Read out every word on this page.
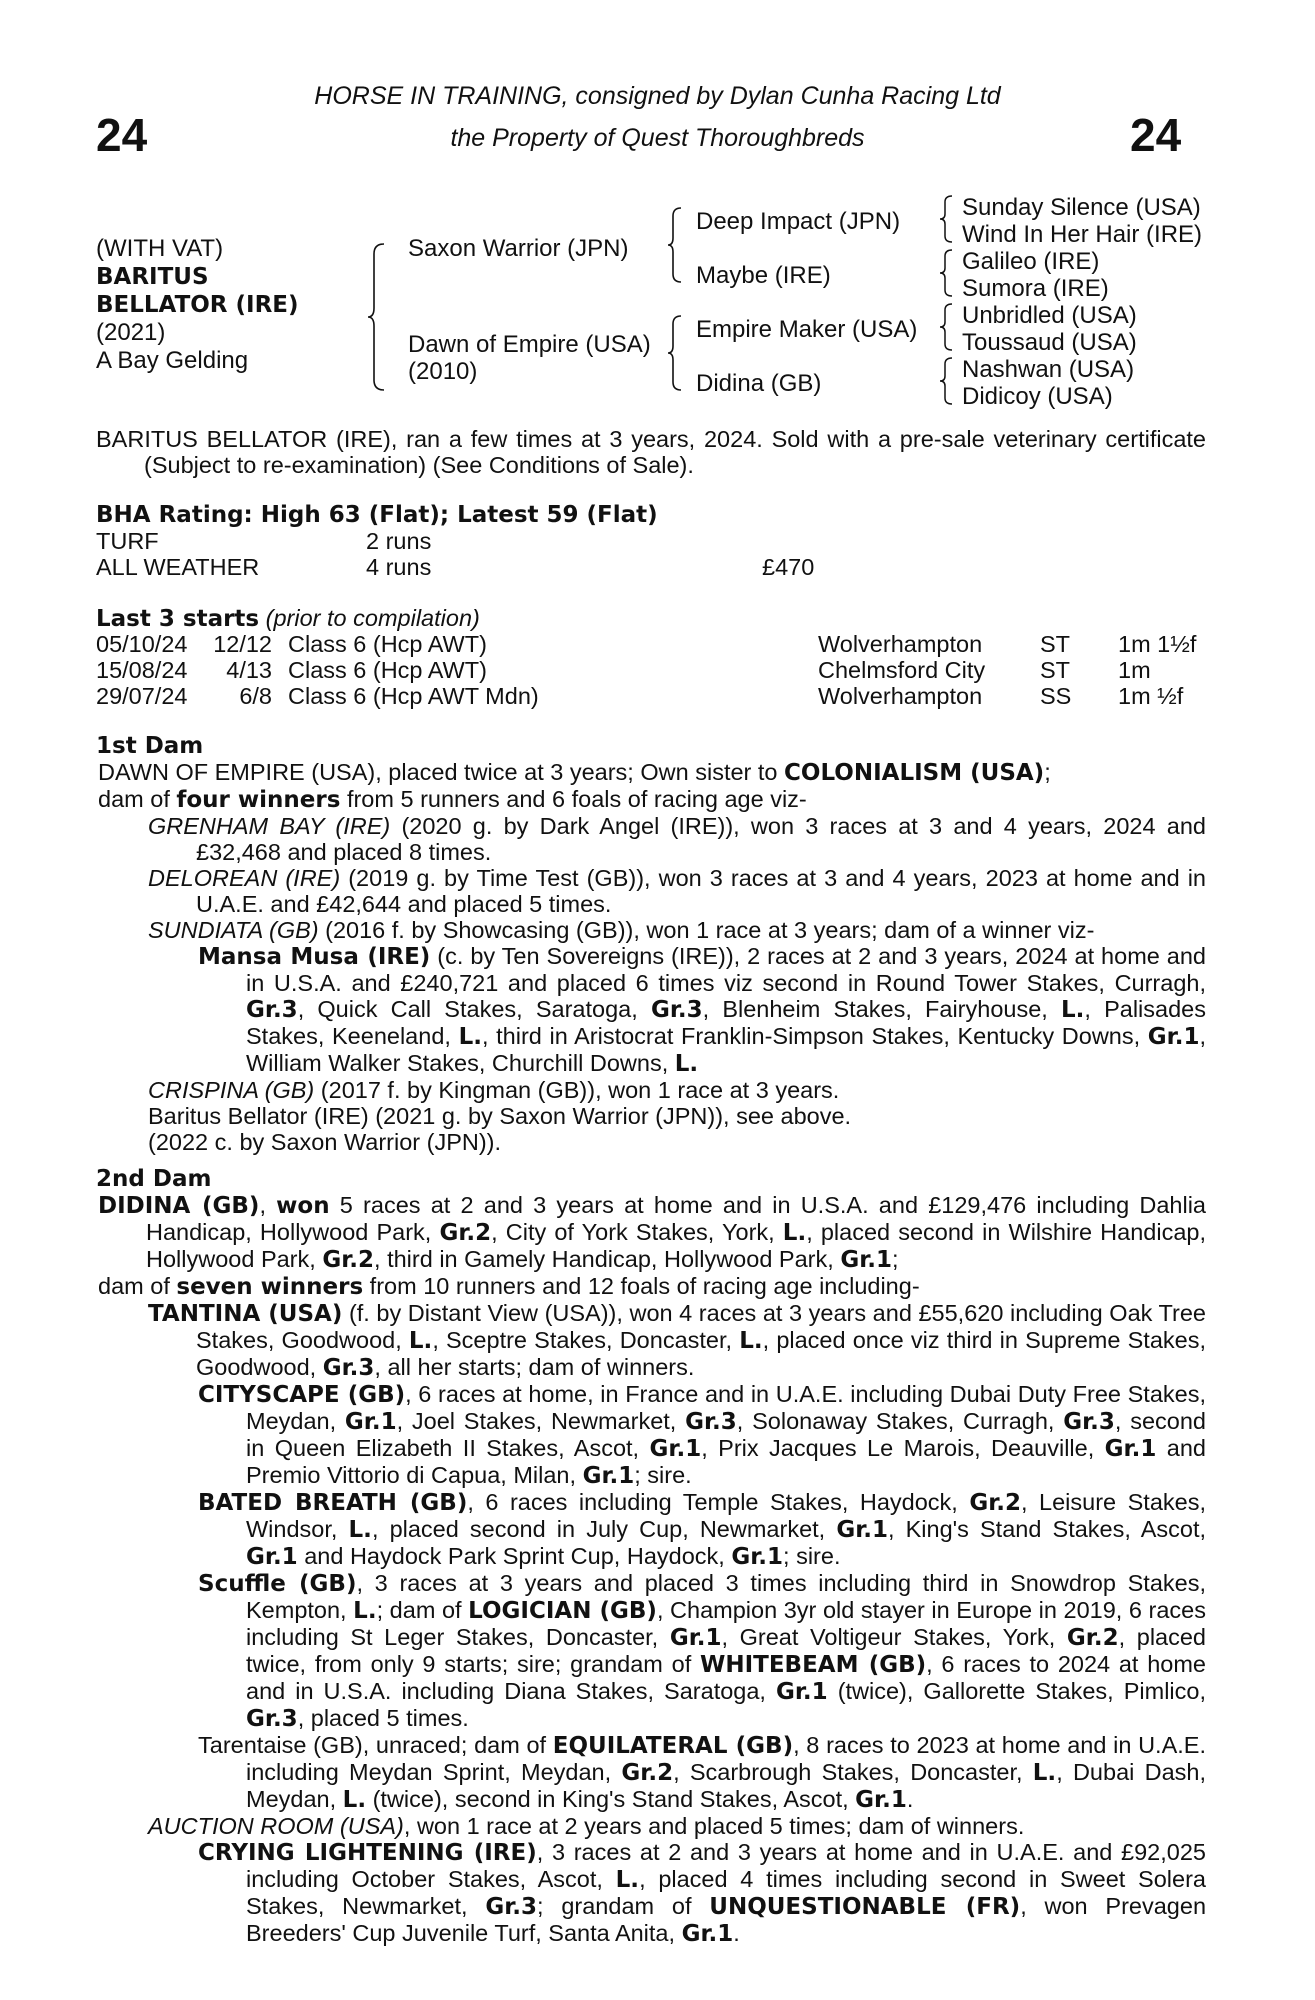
24	24
HORSE IN TRAINING, consigned by Dylan Cunha Racing Ltd
the Property of Quest Thoroughbreds
(WITH VAT)
BARITUS
BELLATOR (IRE)
(2021)
A Bay Gelding
Saxon Warrior (JPN)
Dawn of Empire (USA)
(2010)
Deep Impact (JPN)
Maybe (IRE)
Empire Maker (USA)
Didina (GB)
Sunday Silence (USA)
Wind In Her Hair (IRE)
Galileo (IRE)
Sumora (IRE)
Unbridled (USA)
Toussaud (USA)
Nashwan (USA)
Didicoy (USA)

BARITUS BELLATOR (IRE), ran a few times at 3 years, 2024. Sold with a pre-sale veterinary certificate (Subject to re-examination) (See Conditions of Sale).

BHA Rating: High 63 (Flat); Latest 59 (Flat)
TURF	2 runs
ALL WEATHER	4 runs	£470
Last 3 starts (prior to compilation)
05/10/24 12/12 Class 6 (Hcp AWT)	Wolverhampton ST 1m 1½f
15/08/24	4/13 Class 6 (Hcp AWT)	Chelmsford City ST 1m
29/07/24	6/8 Class 6 (Hcp AWT Mdn)	Wolverhampton SS 1m ½f
1st Dam

DAWN OF EMPIRE (USA), placed twice at 3 years; Own sister to COLONIALISM (USA);

dam of four winners from 5 runners and 6 foals of racing age viz-

GRENHAM BAY (IRE) (2020 g. by Dark Angel (IRE)), won 3 races at 3 and 4 years, 2024 and £32,468 and placed 8 times.

DELOREAN (IRE) (2019 g. by Time Test (GB)), won 3 races at 3 and 4 years, 2023 at home and in U.A.E. and £42,644 and placed 5 times.

SUNDIATA (GB) (2016 f. by Showcasing (GB)), won 1 race at 3 years; dam of a winner viz-

Mansa Musa (IRE) (c. by Ten Sovereigns (IRE)), 2 races at 2 and 3 years, 2024 at home and in U.S.A. and £240,721 and placed 6 times viz second in Round Tower Stakes, Curragh, Gr.3, Quick Call Stakes, Saratoga, Gr.3, Blenheim Stakes, Fairyhouse, L., Palisades Stakes, Keeneland, L., third in Aristocrat Franklin-Simpson Stakes, Kentucky Downs, Gr.1, William Walker Stakes, Churchill Downs, L.

CRISPINA (GB) (2017 f. by Kingman (GB)), won 1 race at 3 years.

Baritus Bellator (IRE) (2021 g. by Saxon Warrior (JPN)), see above.

(2022 c. by Saxon Warrior (JPN)).

2nd Dam

DIDINA (GB), won 5 races at 2 and 3 years at home and in U.S.A. and £129,476 including Dahlia Handicap, Hollywood Park, Gr.2, City of York Stakes, York, L., placed second in Wilshire Handicap, Hollywood Park, Gr.2, third in Gamely Handicap, Hollywood Park, Gr.1;

dam of seven winners from 10 runners and 12 foals of racing age including-

TANTINA (USA) (f. by Distant View (USA)), won 4 races at 3 years and £55,620 including Oak Tree Stakes, Goodwood, L., Sceptre Stakes, Doncaster, L., placed once viz third in Supreme Stakes, Goodwood, Gr.3, all her starts; dam of winners.

CITYSCAPE (GB), 6 races at home, in France and in U.A.E. including Dubai Duty Free Stakes, Meydan, Gr.1, Joel Stakes, Newmarket, Gr.3, Solonaway Stakes, Curragh, Gr.3, second in Queen Elizabeth II Stakes, Ascot, Gr.1, Prix Jacques Le Marois, Deauville, Gr.1 and Premio Vittorio di Capua, Milan, Gr.1; sire.

BATED BREATH (GB), 6 races including Temple Stakes, Haydock, Gr.2, Leisure Stakes, Windsor, L., placed second in July Cup, Newmarket, Gr.1, King's Stand Stakes, Ascot, Gr.1 and Haydock Park Sprint Cup, Haydock, Gr.1; sire.

Scuffle (GB), 3 races at 3 years and placed 3 times including third in Snowdrop Stakes, Kempton, L.; dam of LOGICIAN (GB), Champion 3yr old stayer in Europe in 2019, 6 races including St Leger Stakes, Doncaster, Gr.1, Great Voltigeur Stakes, York, Gr.2, placed twice, from only 9 starts; sire; grandam of WHITEBEAM (GB), 6 races to 2024 at home and in U.S.A. including Diana Stakes, Saratoga, Gr.1 (twice), Gallorette Stakes, Pimlico, Gr.3, placed 5 times.

Tarentaise (GB), unraced; dam of EQUILATERAL (GB), 8 races to 2023 at home and in U.A.E. including Meydan Sprint, Meydan, Gr.2, Scarbrough Stakes, Doncaster, L., Dubai Dash, Meydan, L. (twice), second in King's Stand Stakes, Ascot, Gr.1.

AUCTION ROOM (USA), won 1 race at 2 years and placed 5 times; dam of winners.

CRYING LIGHTENING (IRE), 3 races at 2 and 3 years at home and in U.A.E. and £92,025 including October Stakes, Ascot, L., placed 4 times including second in Sweet Solera Stakes, Newmarket, Gr.3; grandam of UNQUESTIONABLE (FR), won Prevagen Breeders' Cup Juvenile Turf, Santa Anita, Gr.1.
